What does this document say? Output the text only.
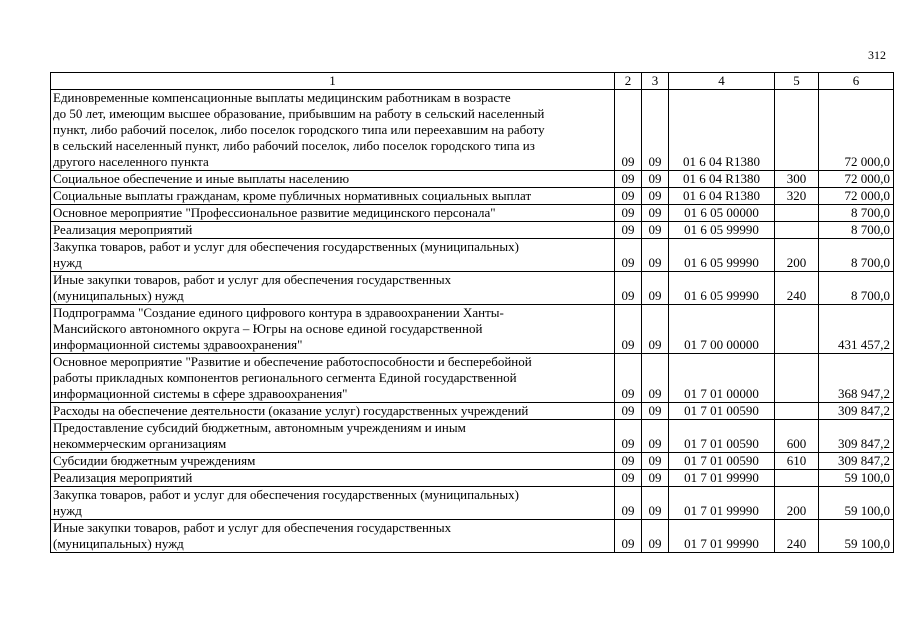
312
1	2	3	4	5	6
Единовременные компенсационные выплаты медицинским работникам в возрасте
до 50 лет, имеющим высшее образование, прибывшим на работу в сельский населенный
пункт, либо рабочий поселок, либо поселок городского типа или переехавшим на работу
в сельский населенный пункт, либо рабочий поселок, либо поселок городского типа из
другого населенного пункта	09	09	01 6 04 R1380		72 000,0
Социальное обеспечение и иные выплаты населению	09	09	01 6 04 R1380	300	72 000,0
Социальные выплаты гражданам, кроме публичных нормативных социальных выплат	09	09	01 6 04 R1380	320	72 000,0
Основное мероприятие "Профессиональное развитие медицинского персонала"	09	09	01 6 05 00000		8 700,0
Реализация мероприятий	09	09	01 6 05 99990		8 700,0
Закупка товаров, работ и услуг для обеспечения государственных (муниципальных)
нужд	09	09	01 6 05 99990	200	8 700,0
Иные закупки товаров, работ и услуг для обеспечения государственных
(муниципальных) нужд	09	09	01 6 05 99990	240	8 700,0
Подпрограмма "Создание единого цифрового контура в здравоохранении Ханты-
Мансийского автономного округа – Югры на основе единой государственной
информационной системы здравоохранения"	09	09	01 7 00 00000		431 457,2
Основное мероприятие "Развитие и обеспечение работоспособности и бесперебойной
работы прикладных компонентов регионального сегмента Единой государственной
информационной системы в сфере здравоохранения"	09	09	01 7 01 00000		368 947,2
Расходы на обеспечение деятельности (оказание услуг) государственных учреждений	09	09	01 7 01 00590		309 847,2
Предоставление субсидий бюджетным, автономным учреждениям и иным
некоммерческим организациям	09	09	01 7 01 00590	600	309 847,2
Субсидии бюджетным учреждениям	09	09	01 7 01 00590	610	309 847,2
Реализация мероприятий	09	09	01 7 01 99990		59 100,0
Закупка товаров, работ и услуг для обеспечения государственных (муниципальных)
нужд	09	09	01 7 01 99990	200	59 100,0
Иные закупки товаров, работ и услуг для обеспечения государственных
(муниципальных) нужд	09	09	01 7 01 99990	240	59 100,0
